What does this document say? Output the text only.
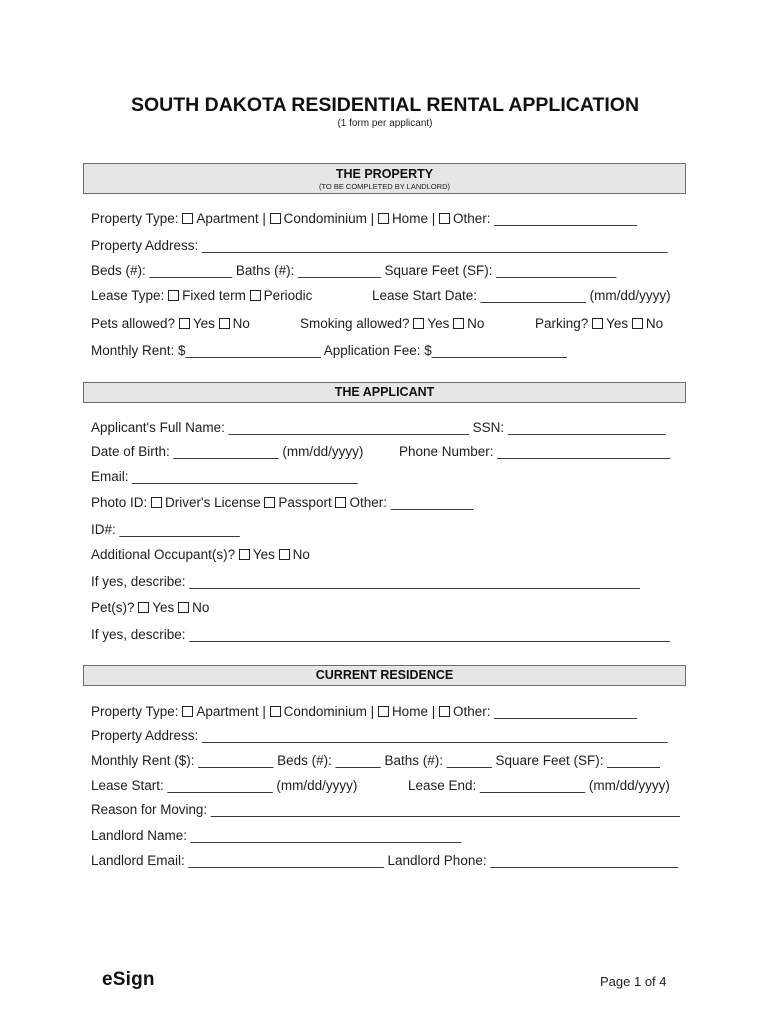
SOUTH DAKOTA RESIDENTIAL RENTAL APPLICATION
(1 form per applicant)
THE PROPERTY
(TO BE COMPLETED BY LANDLORD)
Property Type: Apartment | Condominium | Home | Other: ___________________
Property Address: ______________________________________________________________
Beds (#): ___________ Baths (#): ___________ Square Feet (SF): ________________
Lease Type: Fixed term Periodic	Lease Start Date: ______________ (mm/dd/yyyy)
Pets allowed? Yes No	Smoking allowed? Yes No	Parking? Yes No
Monthly Rent: $__________________ Application Fee: $__________________
THE APPLICANT
Applicant's Full Name: ________________________________ SSN: _____________________
Date of Birth: ______________ (mm/dd/yyyy)	Phone Number: _______________________
Email: ______________________________
Photo ID: Driver's License Passport Other: ___________
ID#: ________________
Additional Occupant(s)? Yes No
If yes, describe: ____________________________________________________________
Pet(s)? Yes No
If yes, describe: ________________________________________________________________
CURRENT RESIDENCE
Property Type: Apartment | Condominium | Home | Other: ___________________
Property Address: ______________________________________________________________
Monthly Rent ($): __________ Beds (#): ______ Baths (#): ______ Square Feet (SF): _______
Lease Start: ______________ (mm/dd/yyyy)	Lease End: ______________ (mm/dd/yyyy)
Reason for Moving: _______________________________________________________________
Landlord Name: ____________________________________
Landlord Email: __________________________ Landlord Phone: _________________________
eSign	Page 1 of 4
